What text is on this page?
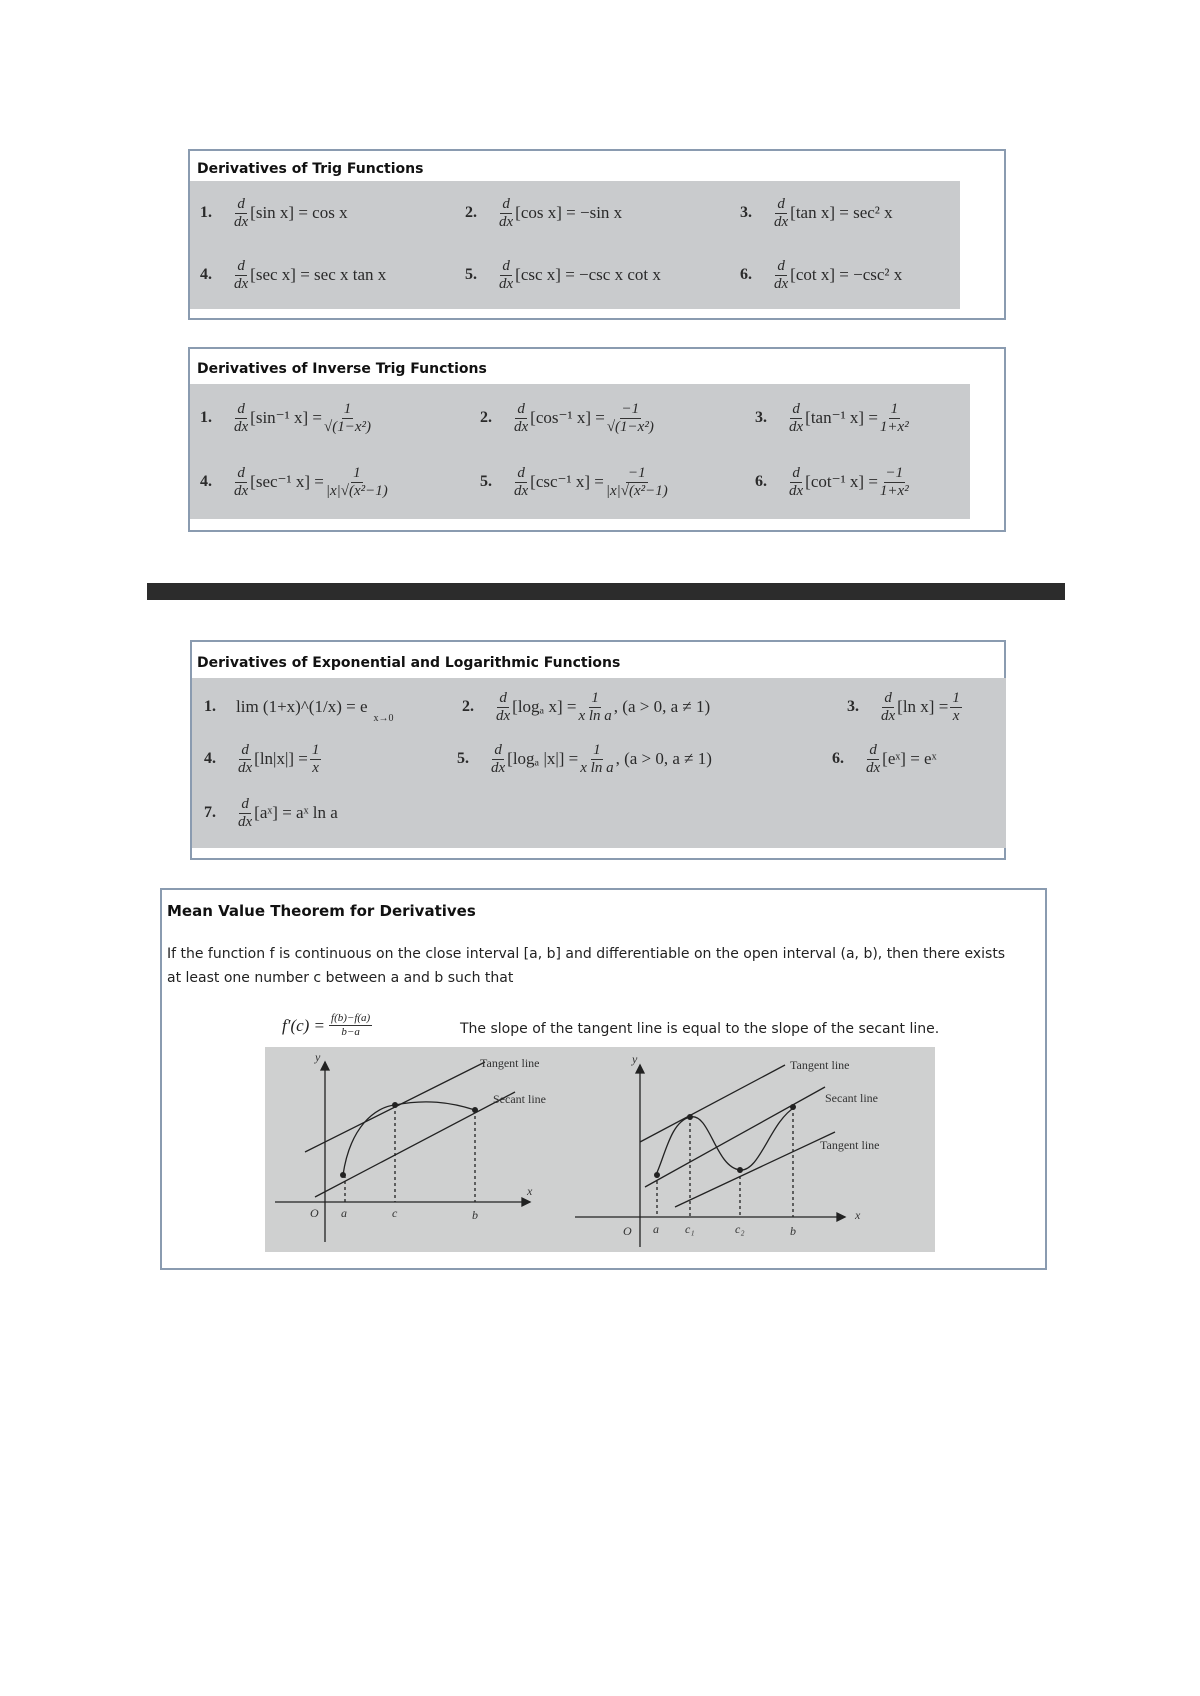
Derivatives of Trig Functions
1.	$\frac{d}{dx} [\sin$ x] = cos x	2.	$\frac{d}{dx} [\cos$ x] = −sin x	3.	$\frac{d}{dx} [\tan$ x] = sec² x
4.	$\frac{d}{dx} [\sec$ x] = sec x tan x	5.	$\frac{d}{dx} [\csc$ x] = −csc x cot x	6.	$\frac{d}{dx} [\cot$ x] = −csc² x
Derivatives of Inverse Trig Functions
1.	$\frac{d}{dx} [\sin^{-1}$ $x] = \frac{1}{\text{√(1−x²)}}$	2.	$\frac{d}{dx} [\cos^{-1}$ $x] = \frac{-1}{\text{√(1−x²)}}$	3.	$\frac{d}{dx} [\tan^{-1}$ $x] = \frac{1}{\text{1+x²}}$
4.	$\frac{d}{dx} [\sec^{-1}$ $x] = \frac{1}{\text{|x|√(x²−1)}}$	5.	$\frac{d}{dx} [\csc^{-1}$ $x] = \frac{-1}{\text{|x|√(x²−1)}}$	6.	$\frac{d}{dx} [\cot^{-1}$ $x] = \frac{-1}{\text{1+x²}}$
Derivatives of Exponential and Logarithmic Functions
1.	lim (1+x)^(1/x) = e
x→0
2.	$\frac{d}{dx} [\log_a$ $x] = \frac{1}{\text{x ln a}}$ , (a > 0, a ≠ 1)	3.	$\frac{d}{dx} [\ln$ $x] = \frac{1}{x}$
4.	$\frac{d}{dx} [\ln|x|] = \frac{1}{x}$	5.	$\frac{d}{dx} [\log_a$ $|x|] = \frac{1}{\text{x ln a}}$ , (a > 0, a ≠ 1)	6.	$\frac{d}{dx}$ [eˣ] = eˣ
7.	$\frac{d}{dx}$ [aˣ] = aˣ ln a
Mean Value Theorem for Derivatives
If the function f is continuous on the close interval [a, b] and differentiable on the open interval (a, b), then there exists
at least one number c between a and b such that
$f'(c) = \frac{f(b)-f(a)}{b-a}$	The slope of the tangent line is equal to the slope of the secant line.
Tangent line
Secant line
y
x
O a	c	b
Tangent line
Secant line
Tangent line
y
x
O a c₁	c₂	b
